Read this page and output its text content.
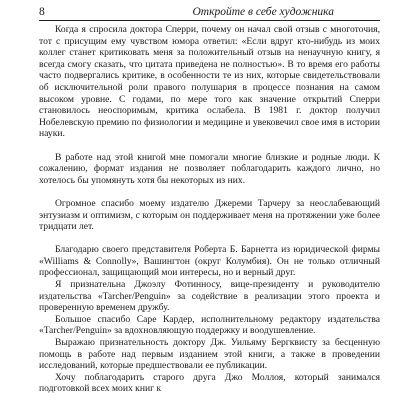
8	Откройте в себе художника

Когда я спросила доктора Сперри, почему он начал свой отзыв с многоточия, тот с присущим ему чувством юмора ответил: «Если вдруг кто-нибудь из моих коллег станет критиковать меня за положительный отзыв на ненаучную книгу, я всегда смогу сказать, что цитата приведена не полностью». В то время его работы часто подвергались критике, в особенности те из них, которые свидетельствовали об исключительной роли правого полушария в процессе познания на самом высоком уровне. С годами, по мере того как значение открытий Сперри становилось неоспоримым, критика ослабела. В 1981 г. доктор получил Нобелевскую премию по физиологии и медицине и увековечил свое имя в истории науки.

В работе над этой книгой мне помогали многие близкие и родные люди. К сожалению, формат издания не позволяет поблагодарить каждого лично, но хотелось бы упомянуть хотя бы некоторых из них.

Огромное спасибо моему издателю Джереми Тарчеру за неослабевающий энтузиазм и оптимизм, с которым он поддерживает меня на протяжении уже более тридцати лет.

Благодарю своего представителя Роберта Б. Барнетта из юридической фирмы «Williams & Connolly», Вашингтон (округ Колумбия). Он не только отличный профессионал, защищающий мои интересы, но и верный друг.

Я признательна Джоэлу Фотинносу, вице-президенту и руководителю издательства «Tarcher/Penguin» за содействие в реализации этого проекта и проверенную временем дружбу.

Большое спасибо Саре Кардер, исполнительному редактору издательства «Tarcher/Penguin» за вдохновляющую поддержку и воодушевление.

Выражаю признательность доктору Дж. Уильяму Бергквисту за бесценную помощь в работе над первым изданием этой книги, а также в проведении исследований, которые предшествовали ее публикации.

Хочу поблагодарить старого друга Джо Моллоя, который занимался подготовкой всех моих книг к
